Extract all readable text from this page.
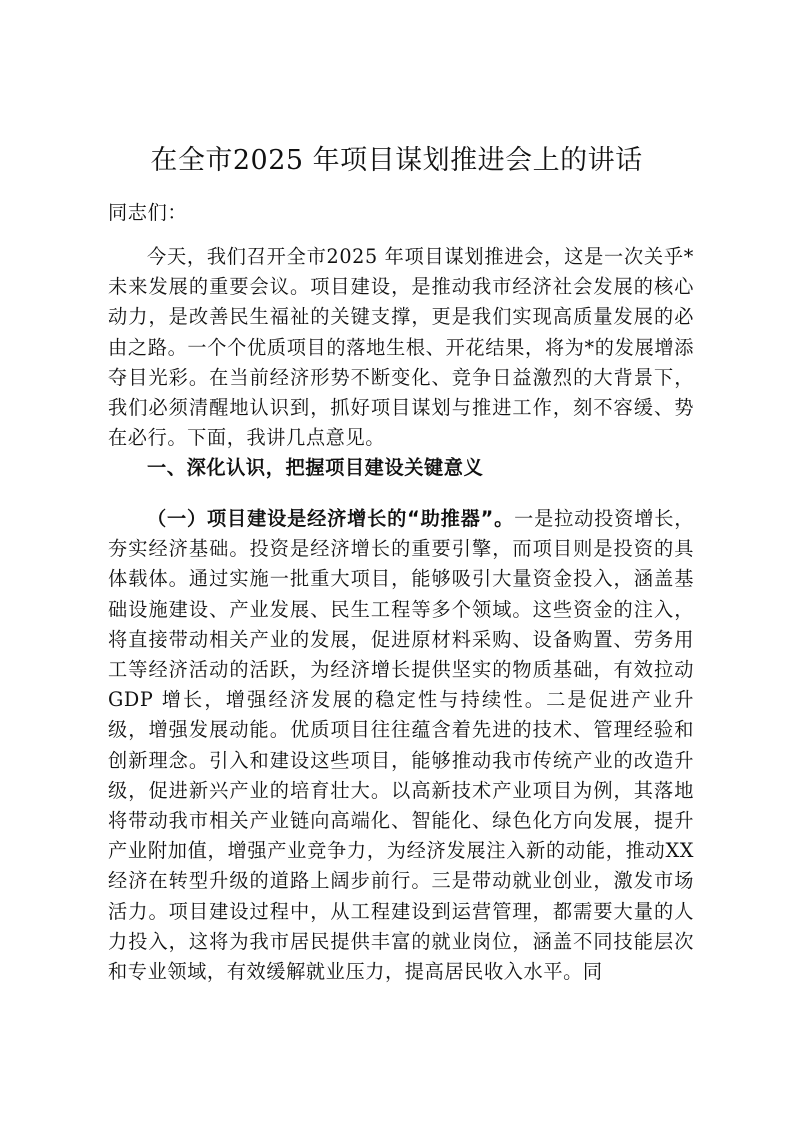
在全市2025 年项目谋划推进会上的讲话
同志们：
今天，我们召开全市2025 年项目谋划推进会，这是一次关乎*未来发展的重要会议。项目建设，是推动我市经济社会发展的核心动力，是改善民生福祉的关键支撑，更是我们实现高质量发展的必由之路。一个个优质项目的落地生根、开花结果，将为*的发展增添夺目光彩。在当前经济形势不断变化、竞争日益激烈的大背景下，我们必须清醒地认识到，抓好项目谋划与推进工作，刻不容缓、势在必行。下面，我讲几点意见。
一、深化认识，把握项目建设关键意义
（一）项目建设是经济增长的“助推器”。一是拉动投资增长，夯实经济基础。投资是经济增长的重要引擎，而项目则是投资的具体载体。通过实施一批重大项目，能够吸引大量资金投入，涵盖基础设施建设、产业发展、民生工程等多个领域。这些资金的注入，将直接带动相关产业的发展，促进原材料采购、设备购置、劳务用工等经济活动的活跃，为经济增长提供坚实的物质基础，有效拉动GDP 增长，增强经济发展的稳定性与持续性。二是促进产业升级，增强发展动能。优质项目往往蕴含着先进的技术、管理经验和创新理念。引入和建设这些项目，能够推动我市传统产业的改造升级，促进新兴产业的培育壮大。以高新技术产业项目为例，其落地将带动我市相关产业链向高端化、智能化、绿色化方向发展，提升产业附加值，增强产业竞争力，为经济发展注入新的动能，推动XX 经济在转型升级的道路上阔步前行。三是带动就业创业，激发市场活力。项目建设过程中，从工程建设到运营管理，都需要大量的人力投入，这将为我市居民提供丰富的就业岗位，涵盖不同技能层次和专业领域，有效缓解就业压力，提高居民收入水平。同
